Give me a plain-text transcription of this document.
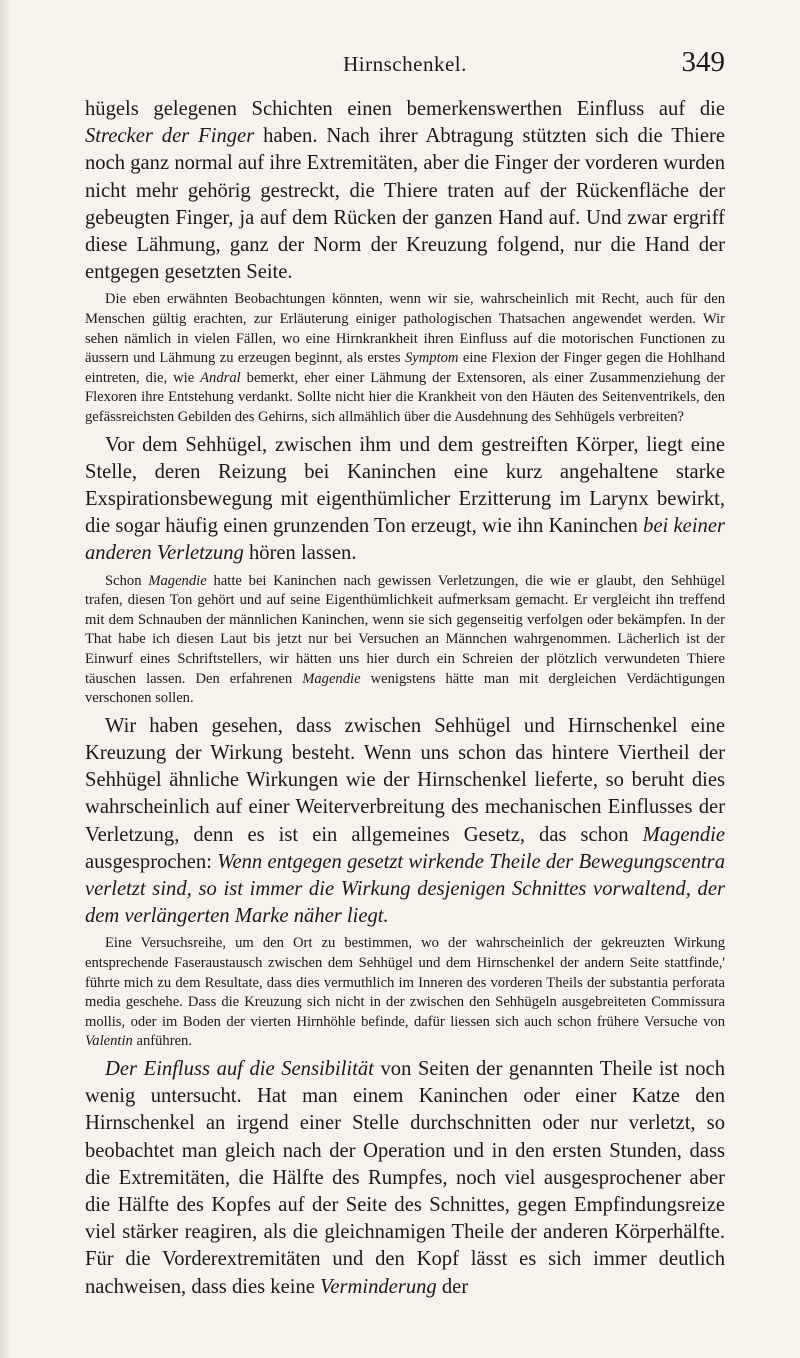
Hirnschenkel.	349

hügels gelegenen Schichten einen bemerkenswerthen Einfluss auf die Strecker der Finger haben. Nach ihrer Abtragung stützten sich die Thiere noch ganz normal auf ihre Extremitäten, aber die Finger der vorderen wurden nicht mehr gehörig gestreckt, die Thiere traten auf der Rückenfläche der gebeugten Finger, ja auf dem Rücken der ganzen Hand auf. Und zwar ergriff diese Lähmung, ganz der Norm der Kreuzung folgend, nur die Hand der entgegen gesetzten Seite.

Die eben erwähnten Beobachtungen könnten, wenn wir sie, wahrscheinlich mit Recht, auch für den Menschen gültig erachten, zur Erläuterung einiger pathologischen Thatsachen angewendet werden. Wir sehen nämlich in vielen Fällen, wo eine Hirnkrankheit ihren Einfluss auf die motorischen Functionen zu äussern und Lähmung zu erzeugen beginnt, als erstes Symptom eine Flexion der Finger gegen die Hohlhand eintreten, die, wie Andral bemerkt, eher einer Lähmung der Extensoren, als einer Zusammenziehung der Flexoren ihre Entstehung verdankt. Sollte nicht hier die Krankheit von den Häuten des Seitenventrikels, den gefässreichsten Gebilden des Gehirns, sich allmählich über die Ausdehnung des Sehhügels verbreiten?

Vor dem Sehhügel, zwischen ihm und dem gestreiften Körper, liegt eine Stelle, deren Reizung bei Kaninchen eine kurz angehaltene starke Exspirationsbewegung mit eigenthümlicher Erzitterung im Larynx bewirkt, die sogar häufig einen grunzenden Ton erzeugt, wie ihn Kaninchen bei keiner anderen Verletzung hören lassen.

Schon Magendie hatte bei Kaninchen nach gewissen Verletzungen, die wie er glaubt, den Sehhügel trafen, diesen Ton gehört und auf seine Eigenthümlichkeit aufmerksam gemacht. Er vergleicht ihn treffend mit dem Schnauben der männlichen Kaninchen, wenn sie sich gegenseitig verfolgen oder bekämpfen. In der That habe ich diesen Laut bis jetzt nur bei Versuchen an Männchen wahrgenommen. Lächerlich ist der Einwurf eines Schriftstellers, wir hätten uns hier durch ein Schreien der plötzlich verwundeten Thiere täuschen lassen. Den erfahrenen Magendie wenigstens hätte man mit dergleichen Verdächtigungen verschonen sollen.

Wir haben gesehen, dass zwischen Sehhügel und Hirnschenkel eine Kreuzung der Wirkung besteht. Wenn uns schon das hintere Viertheil der Sehhügel ähnliche Wirkungen wie der Hirnschenkel lieferte, so beruht dies wahrscheinlich auf einer Weiterverbreitung des mechanischen Einflusses der Verletzung, denn es ist ein allgemeines Gesetz, das schon Magendie ausgesprochen: Wenn entgegen gesetzt wirkende Theile der Bewegungscentra verletzt sind, so ist immer die Wirkung desjenigen Schnittes vorwaltend, der dem verlängerten Marke näher liegt.

Eine Versuchsreihe, um den Ort zu bestimmen, wo der wahrscheinlich der gekreuzten Wirkung entsprechende Faseraustausch zwischen dem Sehhügel und dem Hirnschenkel der andern Seite stattfinde,' führte mich zu dem Resultate, dass dies vermuthlich im Inneren des vorderen Theils der substantia perforata media geschehe. Dass die Kreuzung sich nicht in der zwischen den Sehhügeln ausgebreiteten Commissura mollis, oder im Boden der vierten Hirnhöhle befinde, dafür liessen sich auch schon frühere Versuche von Valentin anführen.

Der Einfluss auf die Sensibilität von Seiten der genannten Theile ist noch wenig untersucht. Hat man einem Kaninchen oder einer Katze den Hirnschenkel an irgend einer Stelle durchschnitten oder nur verletzt, so beobachtet man gleich nach der Operation und in den ersten Stunden, dass die Extremitäten, die Hälfte des Rumpfes, noch viel ausgesprochener aber die Hälfte des Kopfes auf der Seite des Schnittes, gegen Empfindungsreize viel stärker reagiren, als die gleichnamigen Theile der anderen Körperhälfte. Für die Vorderextremitäten und den Kopf lässt es sich immer deutlich nachweisen, dass dies keine Verminderung der
